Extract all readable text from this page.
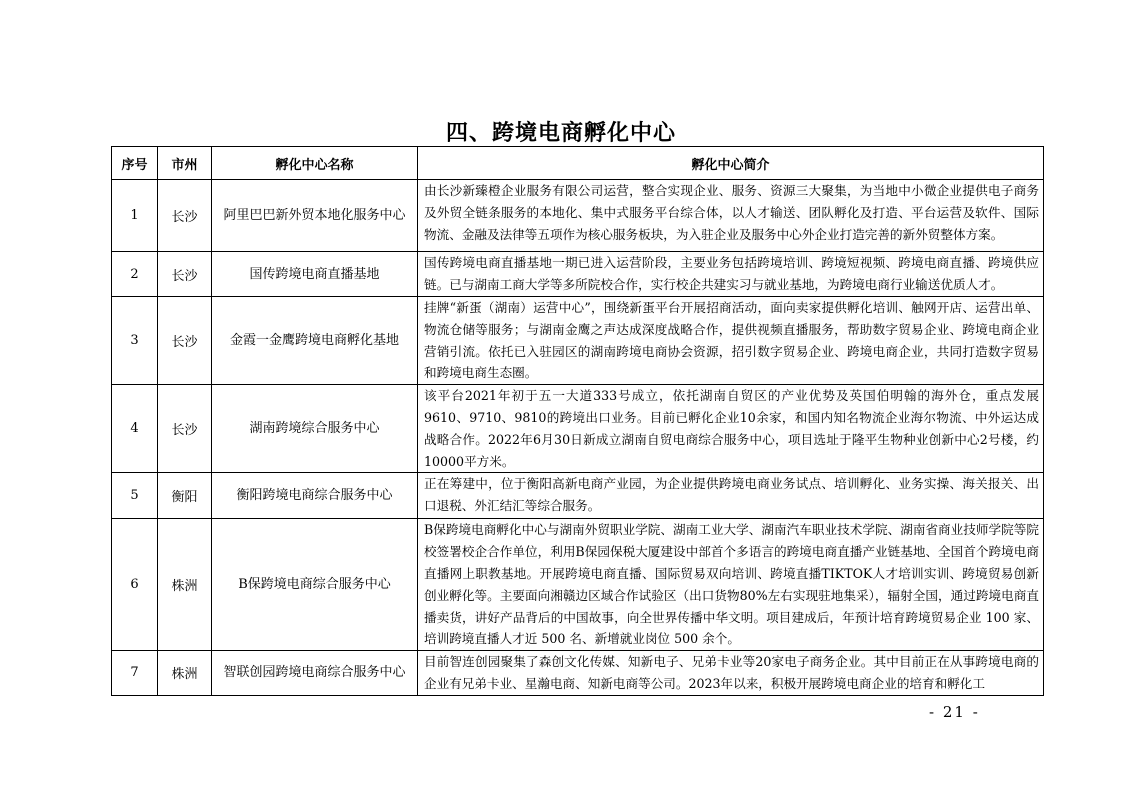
四、跨境电商孵化中心
序号	市州	孵化中心名称	孵化中心简介
1	长沙	阿里巴巴新外贸本地化服务中心	由长沙新臻橙企业服务有限公司运营，整合实现企业、服务、资源三大聚集，为当地中小微企业提供电子商务及外贸全链条服务的本地化、集中式服务平台综合体，以人才输送、团队孵化及打造、平台运营及软件、国际物流、金融及法律等五项作为核心服务板块，为入驻企业及服务中心外企业打造完善的新外贸整体方案。
2	长沙	国传跨境电商直播基地	国传跨境电商直播基地一期已进入运营阶段，主要业务包括跨境培训、跨境短视频、跨境电商直播、跨境供应链。已与湖南工商大学等多所院校合作，实行校企共建实习与就业基地，为跨境电商行业输送优质人才。
3	长沙	金霞一金鹰跨境电商孵化基地	挂牌“新蛋（湖南）运营中心”，围绕新蛋平台开展招商活动，面向卖家提供孵化培训、触网开店、运营出单、物流仓储等服务；与湖南金鹰之声达成深度战略合作，提供视频直播服务，帮助数字贸易企业、跨境电商企业营销引流。依托已入驻园区的湖南跨境电商协会资源，招引数字贸易企业、跨境电商企业，共同打造数字贸易和跨境电商生态圈。
4	长沙	湖南跨境综合服务中心	该平台2021年初于五一大道333号成立，依托湖南自贸区的产业优势及英国伯明翰的海外仓，重点发展9610、9710、9810的跨境出口业务。目前已孵化企业10余家，和国内知名物流企业海尔物流、中外运达成战略合作。2022年6月30日新成立湖南自贸电商综合服务中心，项目选址于隆平生物种业创新中心2号楼，约10000平方米。
5	衡阳	衡阳跨境电商综合服务中心	正在筹建中，位于衡阳高新电商产业园，为企业提供跨境电商业务试点、培训孵化、业务实操、海关报关、出口退税、外汇结汇等综合服务。
6	株洲	B保跨境电商综合服务中心	B保跨境电商孵化中心与湖南外贸职业学院、湖南工业大学、湖南汽车职业技术学院、湖南省商业技师学院等院校签署校企合作单位，利用B保园保税大厦建设中部首个多语言的跨境电商直播产业链基地、全国首个跨境电商直播网上职教基地。开展跨境电商直播、国际贸易双向培训、跨境直播TIKTOK人才培训实训、跨境贸易创新创业孵化等。主要面向湘赣边区域合作试验区（出口货物80%左右实现驻地集采），辐射全国，通过跨境电商直播卖货，讲好产品背后的中国故事，向全世界传播中华文明。项目建成后，年预计培育跨境贸易企业 100 家、培训跨境直播人才近 500 名、新增就业岗位 500 余个。
7	株洲	智联创园跨境电商综合服务中心	目前智连创园聚集了森创文化传媒、知新电子、兄弟卡业等20家电子商务企业。其中目前正在从事跨境电商的企业有兄弟卡业、星瀚电商、知新电商等公司。2023年以来，积极开展跨境电商企业的培育和孵化工
- 21 -
